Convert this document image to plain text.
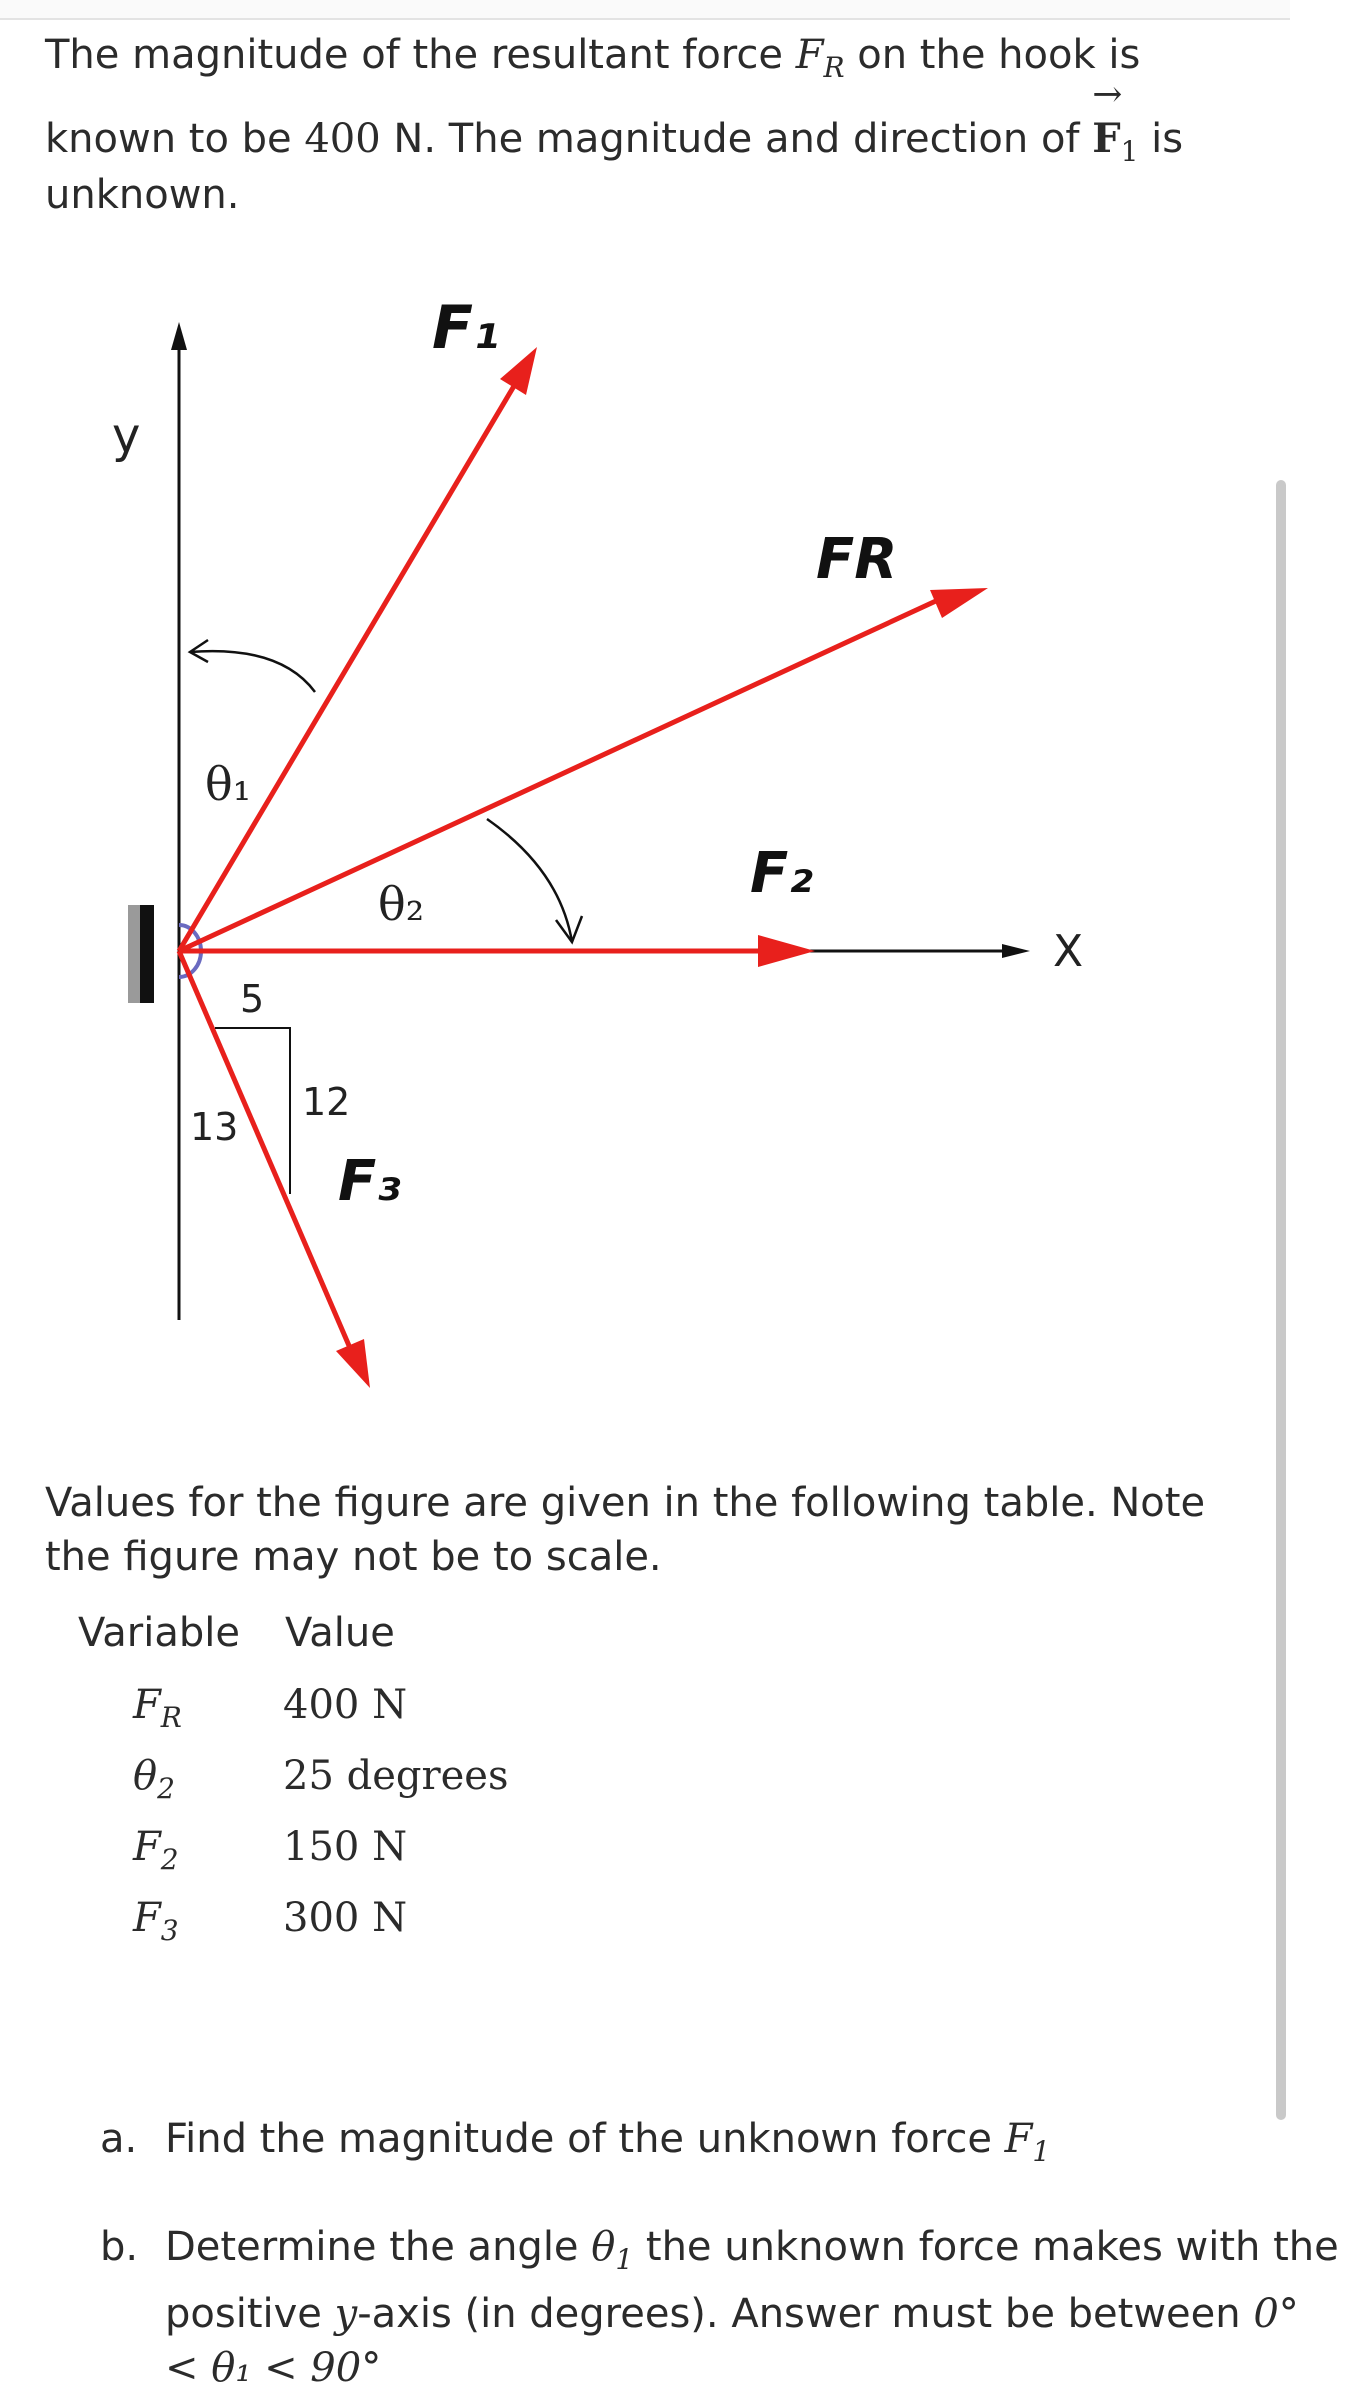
The magnitude of the resultant force $F_R$ on the hook is
known to be 400 N. The magnitude and direction of
→
$F_1$ is
unknown.
y
X
F₁
FR
F₂
F₃
5
12
13
θ₁
θ₂
Values for the figure are given in the following table. Note the figure may not be to scale.
Variable Value
$F_R$	400 N
$\theta_2$	25 degrees
$F_2$	150 N
$F_3$	300 N
a. Find the magnitude of the unknown force $F_1$
b. Determine the angle $\theta_1$ the unknown force makes with the positive y-axis (in degrees). Answer must be between 0° < θ₁ < 90°
